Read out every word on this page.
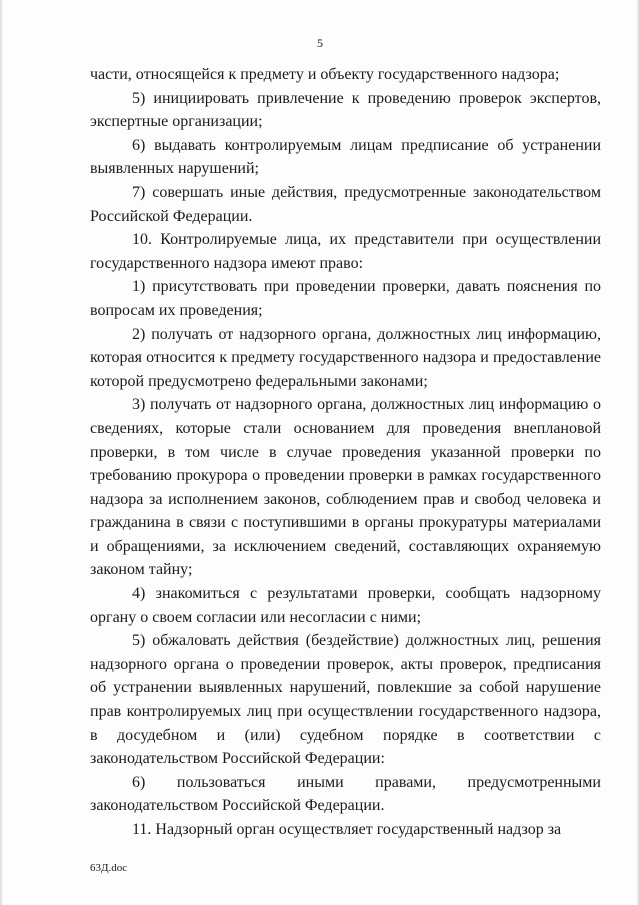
5

части, относящейся к предмету и объекту государственного надзора;

5) инициировать привлечение к проведению проверок экспертов, экспертные организации;

6) выдавать контролируемым лицам предписание об устранении выявленных нарушений;

7) совершать иные действия, предусмотренные законодательством Российской Федерации.

10. Контролируемые лица, их представители при осуществлении государственного надзора имеют право:

1) присутствовать при проведении проверки, давать пояснения по вопросам их проведения;

2) получать от надзорного органа, должностных лиц информацию, которая относится к предмету государственного надзора и предоставление которой предусмотрено федеральными законами;

3) получать от надзорного органа, должностных лиц информацию о сведениях, которые стали основанием для проведения внеплановой проверки, в том числе в случае проведения указанной проверки по требованию прокурора о проведении проверки в рамках государственного надзора за исполнением законов, соблюдением прав и свобод человека и гражданина в связи с поступившими в органы прокуратуры материалами и обращениями, за исключением сведений, составляющих охраняемую законом тайну;

4) знакомиться с результатами проверки, сообщать надзорному органу о своем согласии или несогласии с ними;

5) обжаловать действия (бездействие) должностных лиц, решения надзорного органа о проведении проверок, акты проверок, предписания об устранении выявленных нарушений, повлекшие за собой нарушение прав контролируемых лиц при осуществлении государственного надзора, в досудебном и (или) судебном порядке в соответствии с законодательством Российской Федерации:

6) пользоваться иными правами, предусмотренными законодательством Российской Федерации.

11. Надзорный орган осуществляет государственный надзор за

63Д.doc
